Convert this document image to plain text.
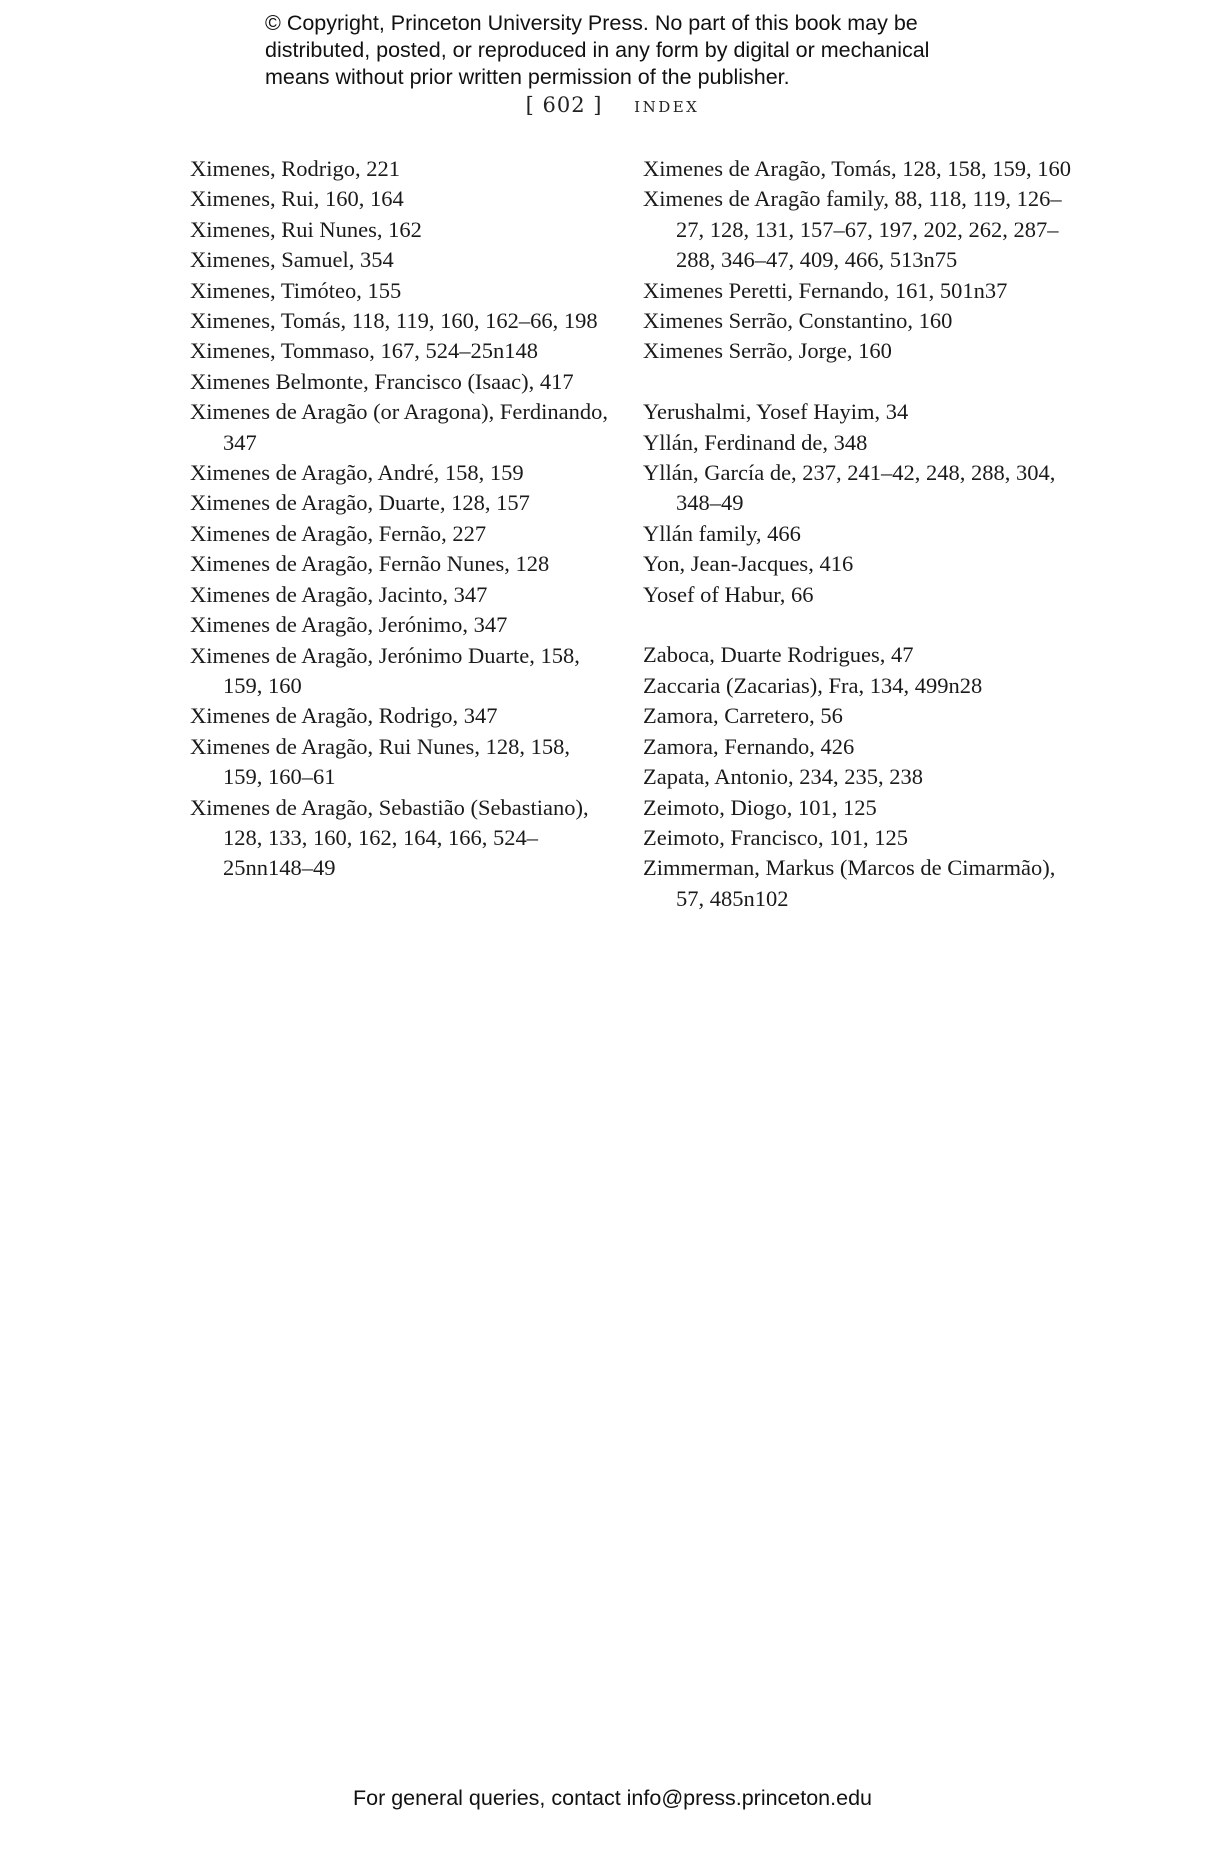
© Copyright, Princeton University Press. No part of this book may be
distributed, posted, or reproduced in any form by digital or mechanical
means without prior written permission of the publisher.
[ 602 ] index

Ximenes, Rodrigo, 221

Ximenes, Rui, 160, 164

Ximenes, Rui Nunes, 162

Ximenes, Samuel, 354

Ximenes, Timóteo, 155

Ximenes, Tomás, 118, 119, 160, 162–66, 198

Ximenes, Tommaso, 167, 524–25n148

Ximenes Belmonte, Francisco (Isaac), 417

Ximenes de Aragão (or Aragona), Ferdinando, 347

Ximenes de Aragão, André, 158, 159

Ximenes de Aragão, Duarte, 128, 157

Ximenes de Aragão, Fernão, 227

Ximenes de Aragão, Fernão Nunes, 128

Ximenes de Aragão, Jacinto, 347

Ximenes de Aragão, Jerónimo, 347

Ximenes de Aragão, Jerónimo Duarte, 158, 159, 160

Ximenes de Aragão, Rodrigo, 347

Ximenes de Aragão, Rui Nunes, 128, 158, 159, 160–61

Ximenes de Aragão, Sebastião (Sebastiano), 128, 133, 160, 162, 164, 166, 524–25nn148–49

Ximenes de Aragão, Tomás, 128, 158, 159, 160

Ximenes de Aragão family, 88, 118, 119, 126–27, 128, 131, 157–67, 197, 202, 262, 287–288, 346–47, 409, 466, 513n75

Ximenes Peretti, Fernando, 161, 501n37

Ximenes Serrão, Constantino, 160

Ximenes Serrão, Jorge, 160

Yerushalmi, Yosef Hayim, 34

Yllán, Ferdinand de, 348

Yllán, García de, 237, 241–42, 248, 288, 304, 348–49

Yllán family, 466

Yon, Jean-Jacques, 416

Yosef of Habur, 66

Zaboca, Duarte Rodrigues, 47

Zaccaria (Zacarias), Fra, 134, 499n28

Zamora, Carretero, 56

Zamora, Fernando, 426

Zapata, Antonio, 234, 235, 238

Zeimoto, Diogo, 101, 125

Zeimoto, Francisco, 101, 125

Zimmerman, Markus (Marcos de Cimarmão), 57, 485n102

For general queries, contact info@press.princeton.edu
